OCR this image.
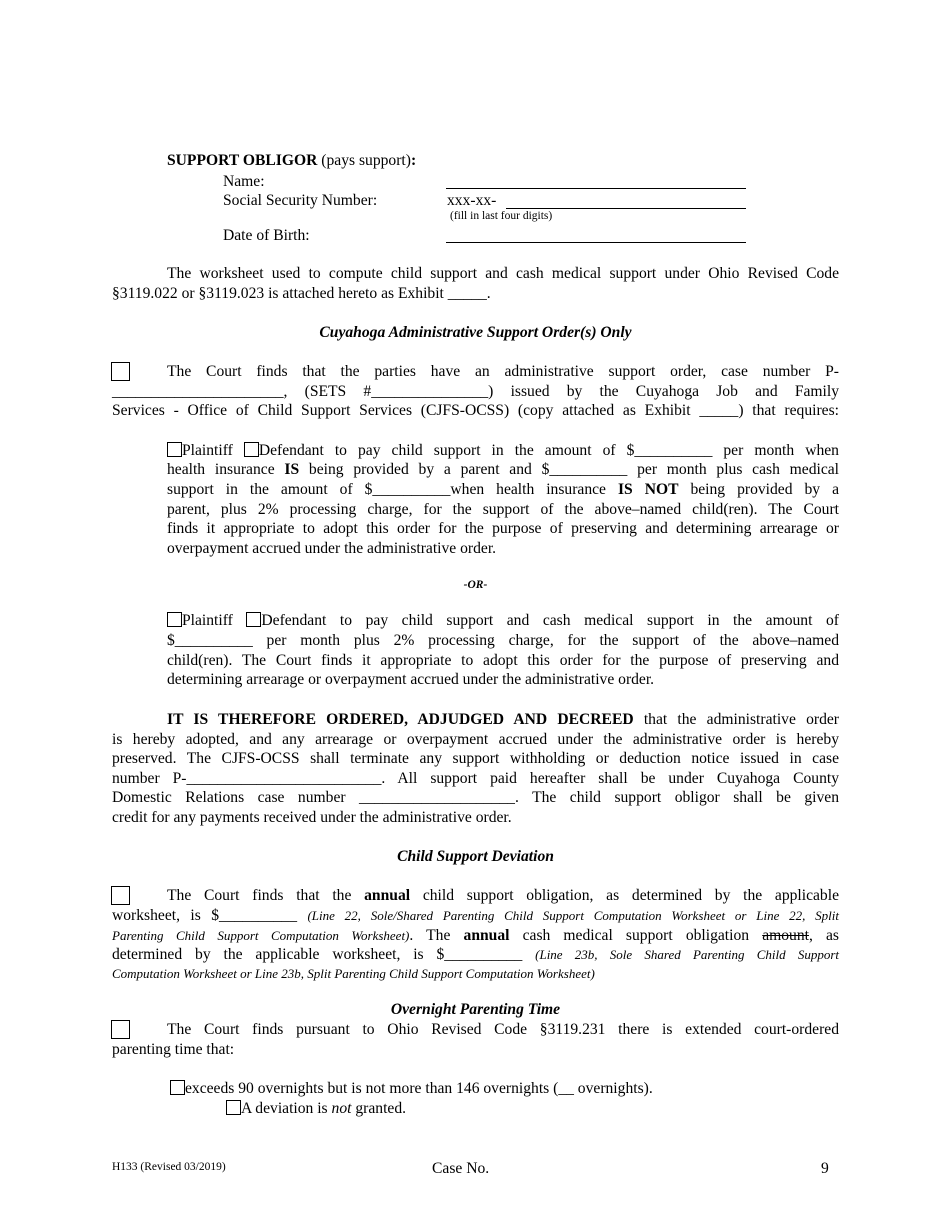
SUPPORT OBLIGOR (pays support):
Name:
Social Security Number:	xxx-xx-
(fill in last four digits)
Date of Birth:
The worksheet used to compute child support and cash medical support under Ohio Revised Code
§3119.022 or §3119.023 is attached hereto as Exhibit _____.
Cuyahoga Administrative Support Order(s) Only
The Court finds that the parties have an administrative support order, case number P-
______________________, (SETS #_______________) issued by the Cuyahoga Job and Family
Services - Office of Child Support Services (CJFS-OCSS) (copy attached as Exhibit _____) that requires:
Plaintiff Defendant to pay child support in the amount of $__________ per month when
health insurance IS being provided by a parent and $__________ per month plus cash medical
support in the amount of $__________when health insurance IS NOT being provided by a
parent, plus 2% processing charge, for the support of the above–named child(ren). The Court
finds it appropriate to adopt this order for the purpose of preserving and determining arrearage or
overpayment accrued under the administrative order.
-OR-
Plaintiff Defendant to pay child support and cash medical support in the amount of
$__________ per month plus 2% processing charge, for the support of the above–named
child(ren). The Court finds it appropriate to adopt this order for the purpose of preserving and
determining arrearage or overpayment accrued under the administrative order.
IT IS THEREFORE ORDERED, ADJUDGED AND DECREED that the administrative order
is hereby adopted, and any arrearage or overpayment accrued under the administrative order is hereby
preserved. The CJFS-OCSS shall terminate any support withholding or deduction notice issued in case
number P-_________________________. All support paid hereafter shall be under Cuyahoga County
Domestic Relations case number ____________________. The child support obligor shall be given
credit for any payments received under the administrative order.
Child Support Deviation
The Court finds that the annual child support obligation, as determined by the applicable
worksheet, is $__________ (Line 22, Sole/Shared Parenting Child Support Computation Worksheet or Line 22, Split
Parenting Child Support Computation Worksheet). The annual cash medical support obligation amount, as
determined by the applicable worksheet, is $__________ (Line 23b, Sole Shared Parenting Child Support
Computation Worksheet or Line 23b, Split Parenting Child Support Computation Worksheet)
Overnight Parenting Time
The Court finds pursuant to Ohio Revised Code §3119.231 there is extended court-ordered
parenting time that:
exceeds 90 overnights but is not more than 146 overnights (__ overnights).
A deviation is not granted.
H133 (Revised 03/2019)	Case No.	9
